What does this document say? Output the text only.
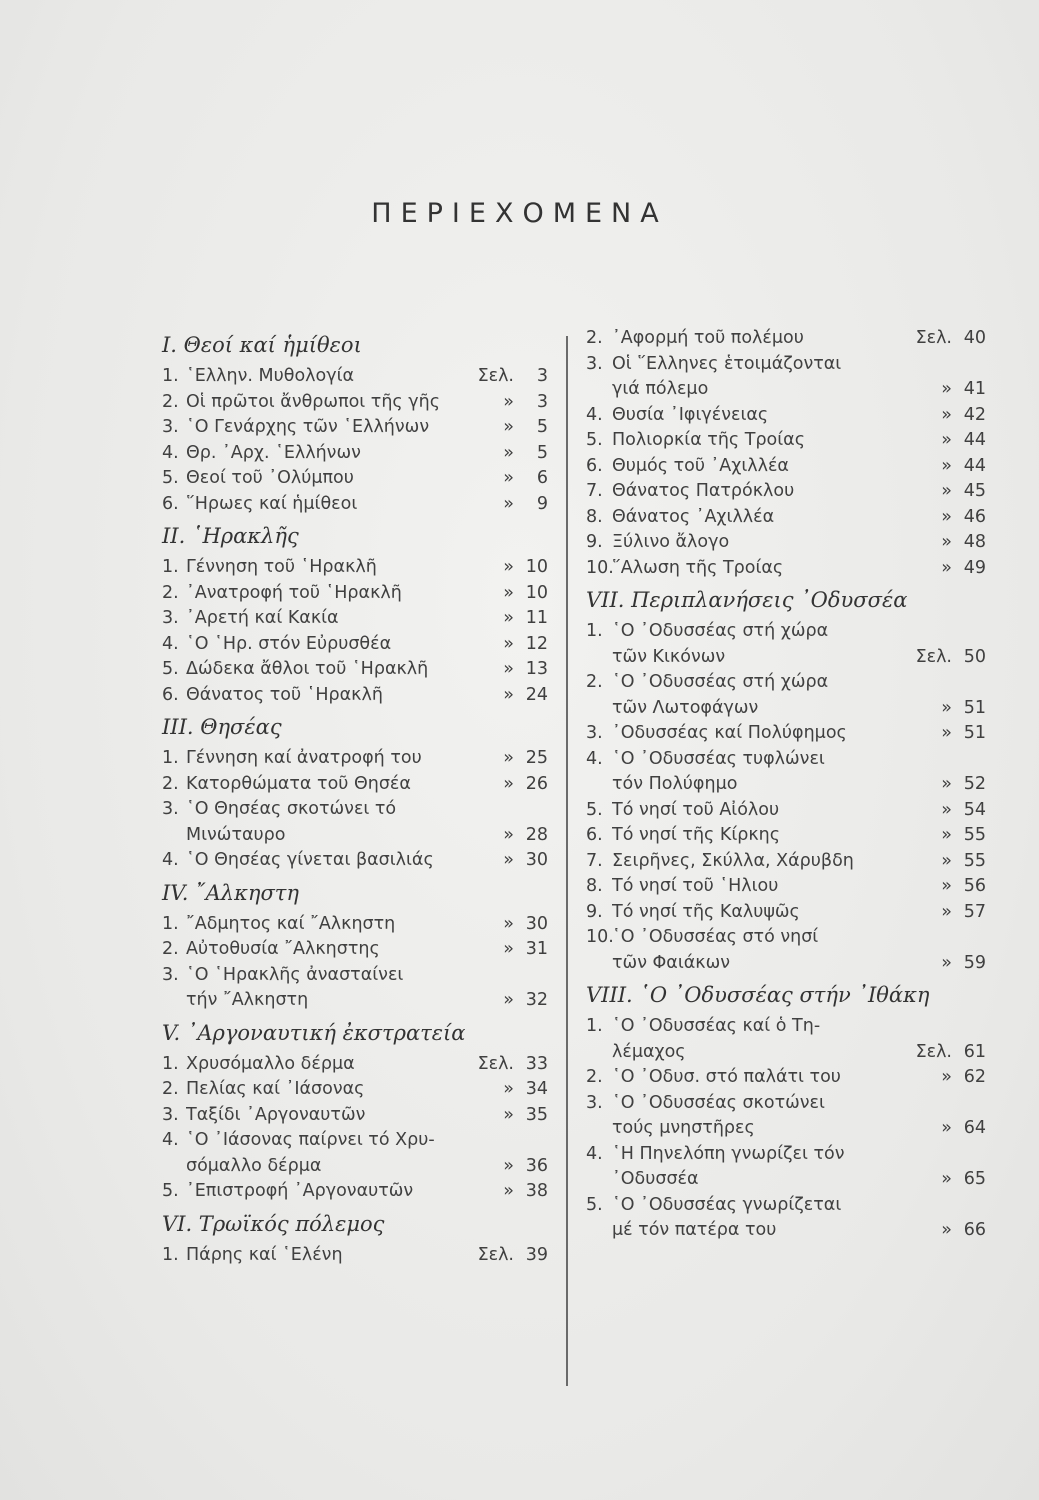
ΠΕΡΙΕΧΟΜΕΝΑ
Ι. Θεοί καί ἡμίθεοι
1. ῾Ελλην. Μυθολογία	Σελ.	3
2. Οἱ πρῶτοι ἄνθρωποι τῆς γῆς	»	3
3. ῾Ο Γενάρχης τῶν ῾Ελλήνων	»	5
4. Θρ. ᾿Αρχ. ῾Ελλήνων	»	5
5. Θεοί τοῦ ᾿Ολύμπου	»	6
6. ῞Ηρωες καί ἡμίθεοι	»	9
ΙΙ. ῾Ηρακλῆς
1. Γέννηση τοῦ ῾Ηρακλῆ	» 10
2. ᾿Ανατροφή τοῦ ῾Ηρακλῆ	» 10
3. ᾿Αρετή καί Κακία	» 11
4. ῾Ο ῾Ηρ. στόν Εὐρυσθέα	» 12
5. Δώδεκα ἄθλοι τοῦ ῾Ηρακλῆ	» 13
6. Θάνατος τοῦ ῾Ηρακλῆ	» 24
ΙΙΙ. Θησέας
1. Γέννηση καί ἀνατροφή του	» 25
2. Κατορθώματα τοῦ Θησέα	» 26
3. ῾Ο Θησέας σκοτώνει τό
Μινώταυρο	» 28
4. ῾Ο Θησέας γίνεται βασιλιάς	» 30
ΙV. ῎Αλκηστη
1. ῎Αδμητος καί ῎Αλκηστη	» 30
2. Αὐτοθυσία ῎Αλκηστης	» 31
3. ῾Ο ῾Ηρακλῆς ἀνασταίνει
τήν ῎Αλκηστη	» 32
V. ᾿Αργοναυτική ἐκστρατεία
1. Χρυσόμαλλο δέρμα	Σελ. 33
2. Πελίας καί ᾿Ιάσονας	» 34
3. Ταξίδι ᾿Αργοναυτῶν	» 35
4. ῾Ο ᾿Ιάσονας παίρνει τό Χρυ-
σόμαλλο δέρμα	» 36
5. ᾿Επιστροφή ᾿Αργοναυτῶν	» 38
VΙ. Τρωϊκός πόλεμος
1. Πάρης καί ῾Ελένη	Σελ. 39
2. ᾿Αφορμή τοῦ πολέμου	Σελ. 40
3. Οἱ ῞Ελληνες ἑτοιμάζονται
γιά πόλεμο	» 41
4. Θυσία ᾿Ιφιγένειας	» 42
5. Πολιορκία τῆς Τροίας	» 44
6. Θυμός τοῦ ᾿Αχιλλέα	» 44
7. Θάνατος Πατρόκλου	» 45
8. Θάνατος ᾿Αχιλλέα	» 46
9. Ξύλινο ἄλογο	» 48
10.
῞Αλωση τῆς Τροίας	» 49
VΙΙ. Περιπλανήσεις ᾿Οδυσσέα
1. ῾Ο ᾿Οδυσσέας στή χώρα
τῶν Κικόνων	Σελ. 50
2. ῾Ο ᾿Οδυσσέας στή χώρα
τῶν Λωτοφάγων	» 51
3. ᾿Οδυσσέας καί Πολύφημος	» 51
4. ῾Ο ᾿Οδυσσέας τυφλώνει
τόν Πολύφημο	» 52
5. Τό νησί τοῦ Αἰόλου	» 54
6. Τό νησί τῆς Κίρκης	» 55
7. Σειρῆνες, Σκύλλα, Χάρυβδη	» 55
8. Τό νησί τοῦ ῾Ηλιου	» 56
9. Τό νησί τῆς Καλυψῶς	» 57
10.
῾Ο ᾿Οδυσσέας στό νησί
τῶν Φαιάκων	» 59
VΙΙΙ. ῾Ο ᾿Οδυσσέας στήν ᾿Ιθάκη
1. ῾Ο ᾿Οδυσσέας καί ὁ Τη-
λέμαχος	Σελ. 61
2. ῾Ο ᾿Οδυσ. στό παλάτι του	» 62
3. ῾Ο ᾿Οδυσσέας σκοτώνει
τούς μνηστῆρες	» 64
4. ῾Η Πηνελόπη γνωρίζει τόν
᾿Οδυσσέα	» 65
5. ῾Ο ᾿Οδυσσέας γνωρίζεται
μέ τόν πατέρα του	» 66
